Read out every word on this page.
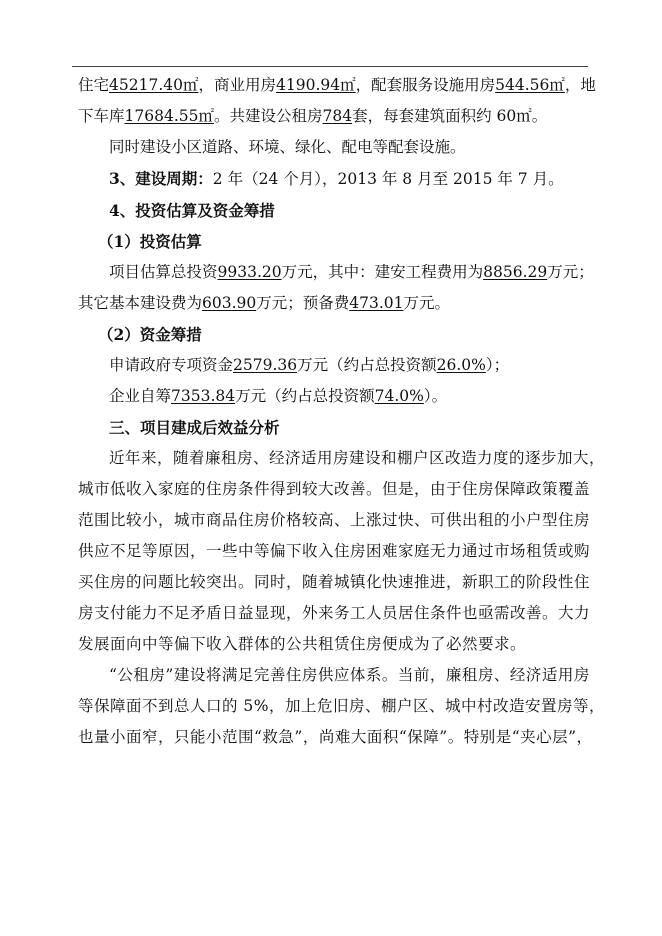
住宅45217.40㎡，商业用房4190.94㎡，配套服务设施用房544.56㎡，地

下车库17684.55㎡。共建设公租房784套，每套建筑面积约 60㎡。

同时建设小区道路、环境、绿化、配电等配套设施。

3、建设周期：2 年（24 个月），2013 年 8 月至 2015 年 7 月。

4、投资估算及资金筹措

（1）投资估算

项目估算总投资9933.20万元，其中：建安工程费用为8856.29万元；

其它基本建设费为603.90万元；预备费473.01万元。

（2）资金筹措

申请政府专项资金2579.36万元（约占总投资额26.0%）；

企业自筹7353.84万元（约占总投资额74.0%）。

三、项目建成后效益分析

近年来，随着廉租房、经济适用房建设和棚户区改造力度的逐步加大，

城市低收入家庭的住房条件得到较大改善。但是，由于住房保障政策覆盖

范围比较小，城市商品住房价格较高、上涨过快、可供出租的小户型住房

供应不足等原因，一些中等偏下收入住房困难家庭无力通过市场租赁或购

买住房的问题比较突出。同时，随着城镇化快速推进，新职工的阶段性住

房支付能力不足矛盾日益显现，外来务工人员居住条件也亟需改善。大力

发展面向中等偏下收入群体的公共租赁住房便成为了必然要求。

“公租房”建设将满足完善住房供应体系。当前，廉租房、经济适用房

等保障面不到总人口的 5%，加上危旧房、棚户区、城中村改造安置房等，

也量小面窄，只能小范围“救急”，尚难大面积“保障”。特别是“夹心层”，
